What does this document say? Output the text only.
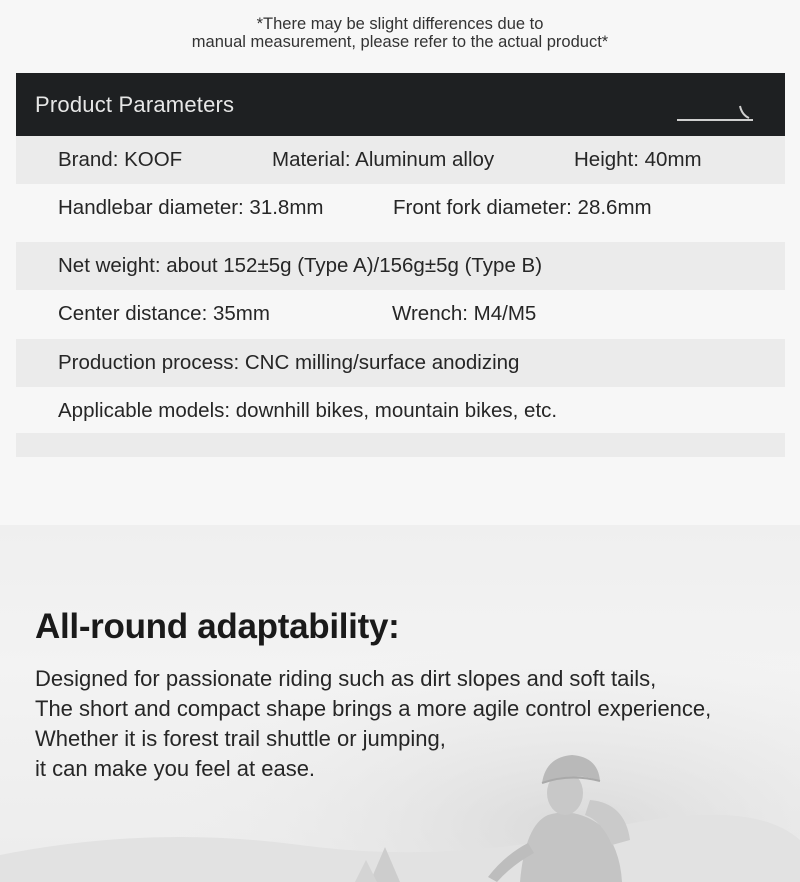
*There may be slight differences due to
manual measurement, please refer to the actual product*
Product Parameters
Brand: KOOF	Material: Aluminum alloy	Height: 40mm
Handlebar diameter: 31.8mm	Front fork diameter: 28.6mm
Net weight: about 152±5g (Type A)/156g±5g (Type B)
Center distance: 35mm	Wrench: M4/M5
Production process: CNC milling/surface anodizing
Applicable models: downhill bikes, mountain bikes, etc.
All-round adaptability:
Designed for passionate riding such as dirt slopes and soft tails,
The short and compact shape brings a more agile control experience,
Whether it is forest trail shuttle or jumping,
it can make you feel at ease.
